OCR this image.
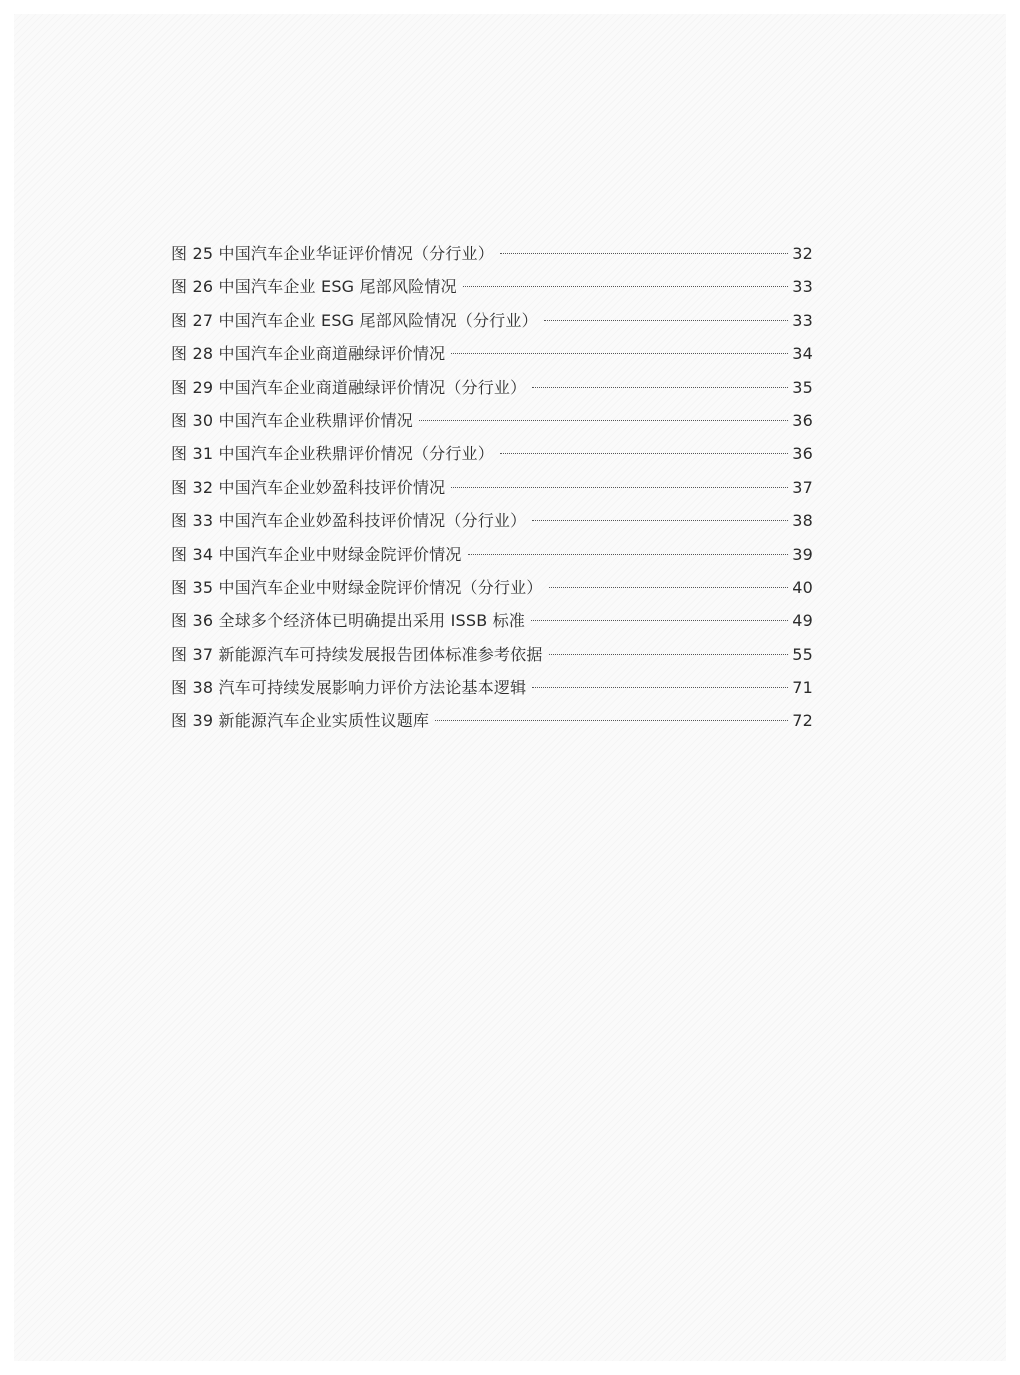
图 25 中国汽车企业华证评价情况（分行业）	32
图 26 中国汽车企业 ESG 尾部风险情况	33
图 27 中国汽车企业 ESG 尾部风险情况（分行业）	33
图 28 中国汽车企业商道融绿评价情况	34
图 29 中国汽车企业商道融绿评价情况（分行业）	35
图 30 中国汽车企业秩鼎评价情况	36
图 31 中国汽车企业秩鼎评价情况（分行业）	36
图 32 中国汽车企业妙盈科技评价情况	37
图 33 中国汽车企业妙盈科技评价情况（分行业）	38
图 34 中国汽车企业中财绿金院评价情况	39
图 35 中国汽车企业中财绿金院评价情况（分行业）	40
图 36 全球多个经济体已明确提出采用 ISSB 标准	49
图 37 新能源汽车可持续发展报告团体标准参考依据	55
图 38 汽车可持续发展影响力评价方法论基本逻辑	71
图 39 新能源汽车企业实质性议题库	72
